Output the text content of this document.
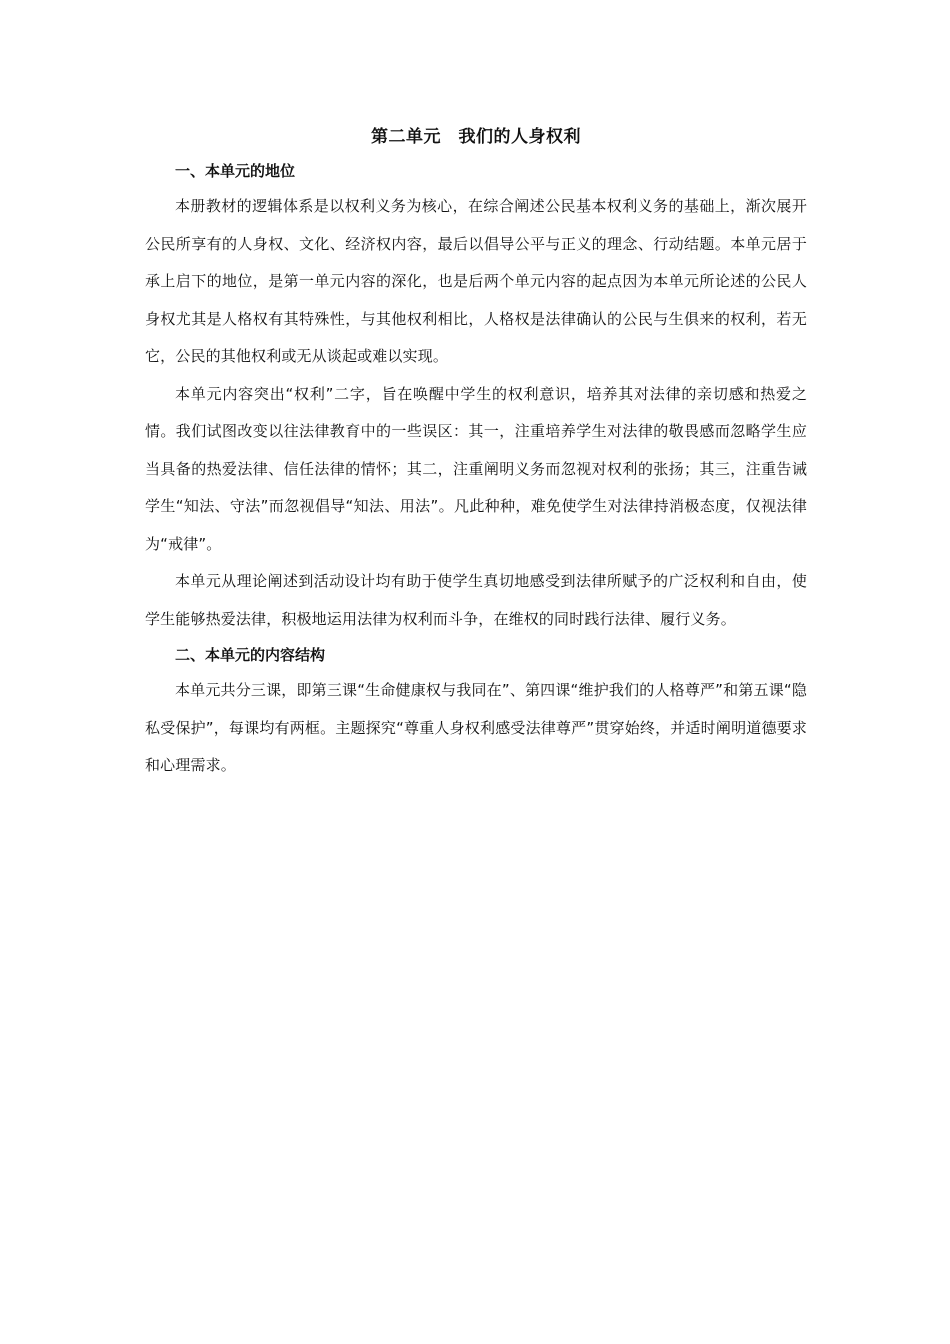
第二单元　我们的人身权利
一、本单元的地位

本册教材的逻辑体系是以权利义务为核心，在综合阐述公民基本权利义务的基础上，渐次展开公民所享有的人身权、文化、经济权内容，最后以倡导公平与正义的理念、行动结题。本单元居于承上启下的地位，是第一单元内容的深化，也是后两个单元内容的起点因为本单元所论述的公民人身权尤其是人格权有其特殊性，与其他权利相比，人格权是法律确认的公民与生俱来的权利，若无它，公民的其他权利或无从谈起或难以实现。

本单元内容突出“权利”二字，旨在唤醒中学生的权利意识，培养其对法律的亲切感和热爱之情。我们试图改变以往法律教育中的一些误区：其一，注重培养学生对法律的敬畏感而忽略学生应当具备的热爱法律、信任法律的情怀；其二，注重阐明义务而忽视对权利的张扬；其三，注重告诫学生“知法、守法”而忽视倡导“知法、用法”。凡此种种，难免使学生对法律持消极态度，仅视法律为“戒律”。

本单元从理论阐述到活动设计均有助于使学生真切地感受到法律所赋予的广泛权利和自由，使学生能够热爱法律，积极地运用法律为权利而斗争，在维权的同时践行法律、履行义务。

二、本单元的内容结构

本单元共分三课，即第三课“生命健康权与我同在”、第四课“维护我们的人格尊严”和第五课“隐私受保护”，每课均有两框。主题探究“尊重人身权利感受法律尊严”贯穿始终，并适时阐明道德要求和心理需求。
